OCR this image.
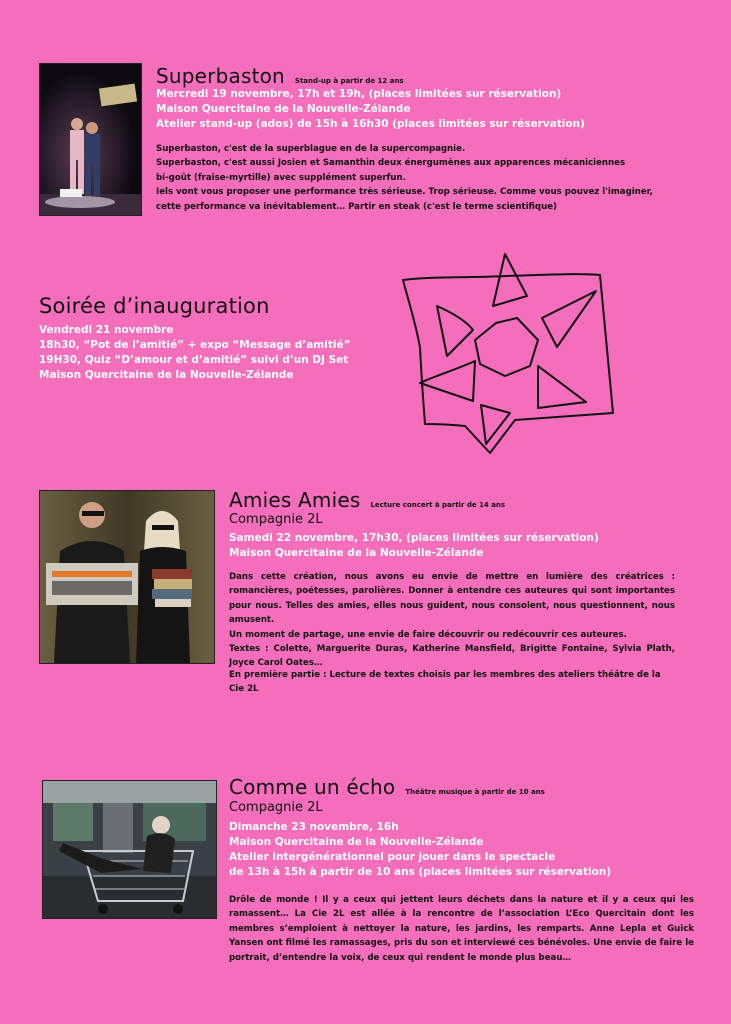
Superbaston Stand-up à partir de 12 ans
Mercredi 19 novembre, 17h et 19h, (places limitées sur réservation)
Maison Quercitaine de la Nouvelle-Zélande
Atelier stand-up (ados) de 15h à 16h30 (places limitées sur réservation)
Superbaston, c'est de la superblague en de la supercompagnie.
Superbaston, c'est aussi Josien et Samanthin deux énergumènes aux apparences mécaniciennes
bi-goût (fraise-myrtille) avec supplément superfun.
Iels vont vous proposer une performance très sérieuse. Trop sérieuse. Comme vous pouvez l'imaginer,
cette performance va inévitablement… Partir en steak (c'est le terme scientifique)
Soirée d’inauguration
Vendredi 21 novembre
18h30, “Pot de l’amitié” + expo “Message d’amitié”
19H30, Quiz “D’amour et d’amitié” suivi d’un DJ Set
Maison Quercitaine de la Nouvelle-Zélande
Amies Amies Lecture concert à partir de 14 ans
Compagnie 2L
Samedi 22 novembre, 17h30, (places limitées sur réservation)
Maison Quercitaine de la Nouvelle-Zélande
Dans cette création, nous avons eu envie de mettre en lumière des créatrices : romancières, poétesses, parolières. Donner à entendre ces auteures qui sont importantes pour nous. Telles des amies, elles nous guident, nous consolent, nous questionnent, nous amusent.
Un moment de partage, une envie de faire découvrir ou redécouvrir ces auteures.
Textes : Colette, Marguerite Duras, Katherine Mansfield, Brigitte Fontaine, Sylvia Plath, Joyce Carol Oates…
En première partie : Lecture de textes choisis par les membres des ateliers théâtre de la Cie 2L
Comme un écho Théâtre musique à partir de 10 ans
Compagnie 2L
Dimanche 23 novembre, 16h
Maison Quercitaine de la Nouvelle-Zélande
Atelier intergénérationnel pour jouer dans le spectacle
de 13h à 15h à partir de 10 ans (places limitées sur réservation)
Drôle de monde ! Il y a ceux qui jettent leurs déchets dans la nature et il y a ceux qui les ramassent… La Cie 2L est allée à la rencontre de l’association L’Eco Quercitain dont les membres s’emploient à nettoyer la nature, les jardins, les remparts. Anne Lepla et Guick Yansen ont filmé les ramassages, pris du son et interviewé ces bénévoles. Une envie de faire le portrait, d’entendre la voix, de ceux qui rendent le monde plus beau…
